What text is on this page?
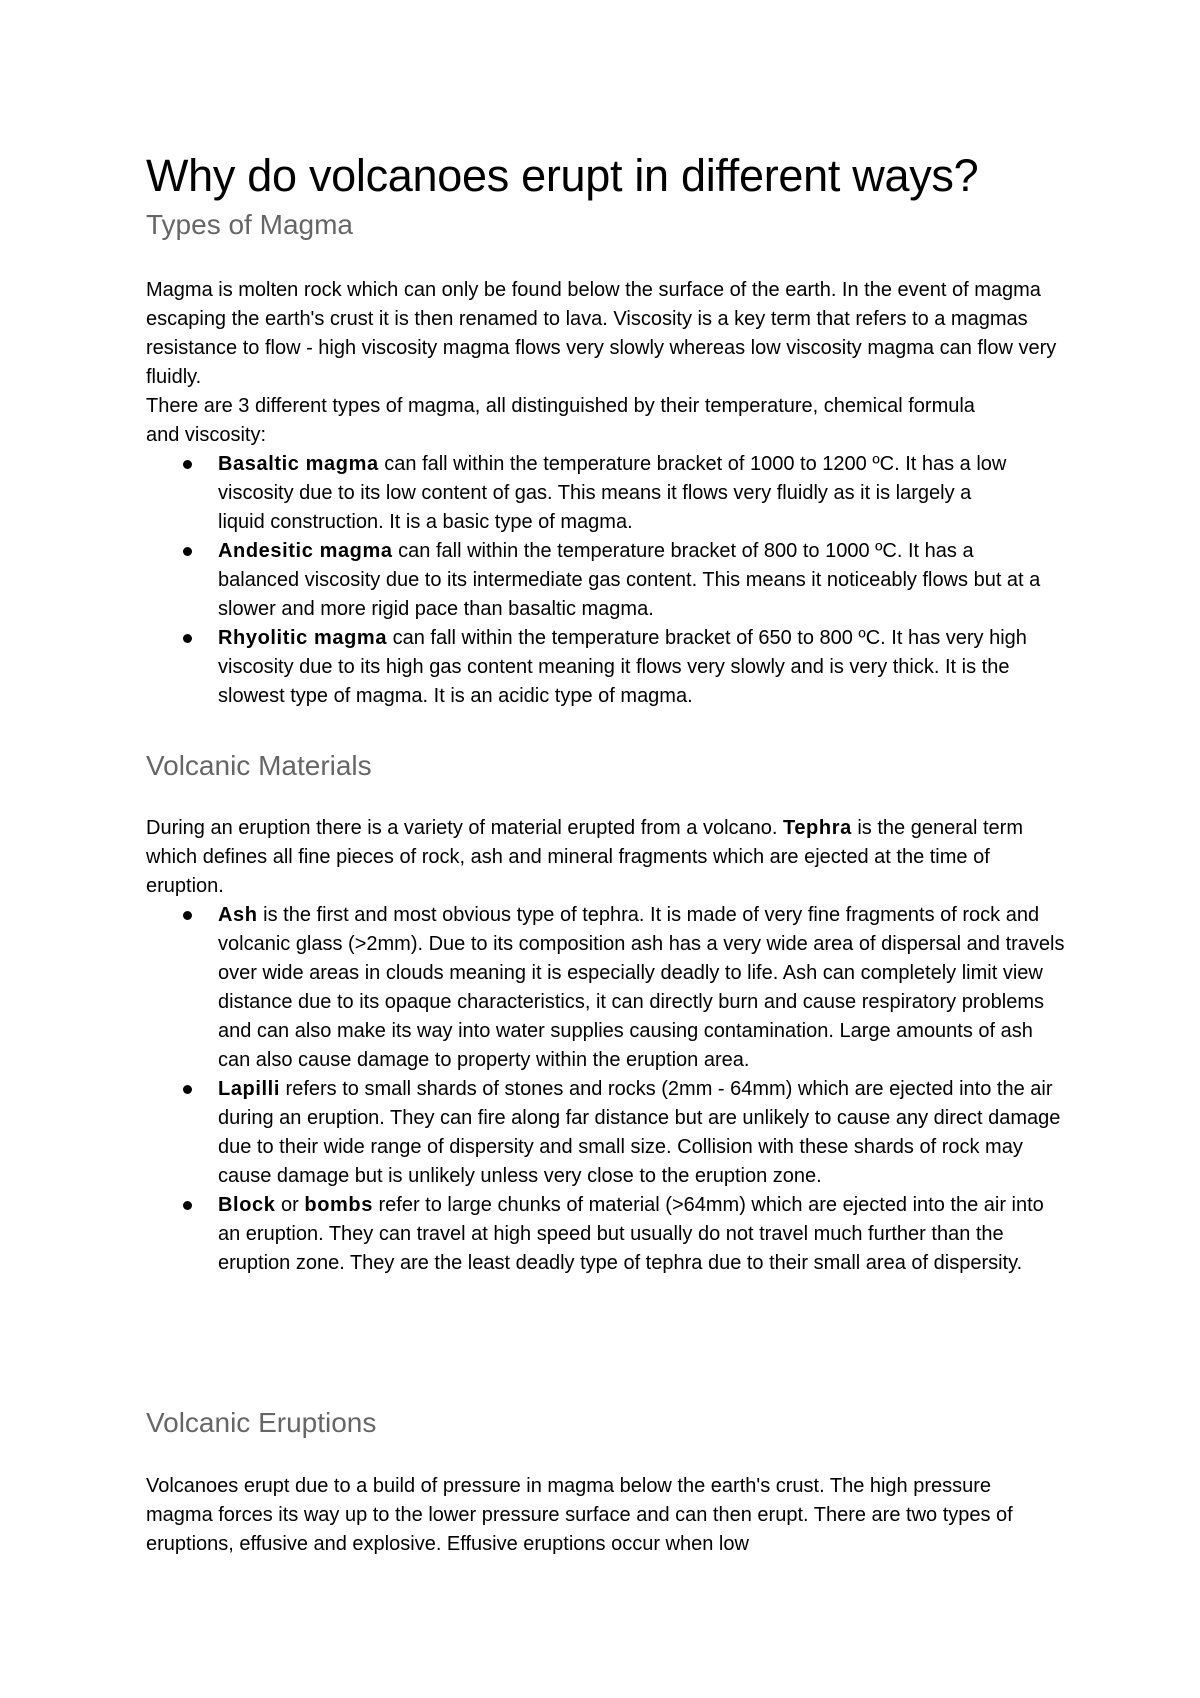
Why do volcanoes erupt in different ways?
Types of Magma

Magma is molten rock which can only be found below the surface of the earth. In the event of magma escaping the earth's crust it is then renamed to lava. Viscosity is a key term that refers to a magmas resistance to flow - high viscosity magma flows very slowly whereas low viscosity magma can flow very fluidly.

There are 3 different types of magma, all distinguished by their temperature, chemical formula and viscosity:

Basaltic magma can fall within the temperature bracket of 1000 to 1200 ºC. It has a low viscosity due to its low content of gas. This means it flows very fluidly as it is largely a liquid construction. It is a basic type of magma.
Andesitic magma can fall within the temperature bracket of 800 to 1000 ºC. It has a balanced viscosity due to its intermediate gas content. This means it noticeably flows but at a slower and more rigid pace than basaltic magma.
Rhyolitic magma can fall within the temperature bracket of 650 to 800 ºC. It has very high viscosity due to its high gas content meaning it flows very slowly and is very thick. It is the slowest type of magma. It is an acidic type of magma.
Volcanic Materials

During an eruption there is a variety of material erupted from a volcano. Tephra is the general term which defines all fine pieces of rock, ash and mineral fragments which are ejected at the time of eruption.

Ash is the first and most obvious type of tephra. It is made of very fine fragments of rock and volcanic glass (>2mm). Due to its composition ash has a very wide area of dispersal and travels over wide areas in clouds meaning it is especially deadly to life. Ash can completely limit view distance due to its opaque characteristics, it can directly burn and cause respiratory problems and can also make its way into water supplies causing contamination. Large amounts of ash can also cause damage to property within the eruption area.
Lapilli refers to small shards of stones and rocks (2mm - 64mm) which are ejected into the air during an eruption. They can fire along far distance but are unlikely to cause any direct damage due to their wide range of dispersity and small size. Collision with these shards of rock may cause damage but is unlikely unless very close to the eruption zone.
Block or bombs refer to large chunks of material (>64mm) which are ejected into the air into an eruption. They can travel at high speed but usually do not travel much further than the eruption zone. They are the least deadly type of tephra due to their small area of dispersity.
Volcanic Eruptions

Volcanoes erupt due to a build of pressure in magma below the earth's crust. The high pressure magma forces its way up to the lower pressure surface and can then erupt. There are two types of eruptions, effusive and explosive. Effusive eruptions occur when low
